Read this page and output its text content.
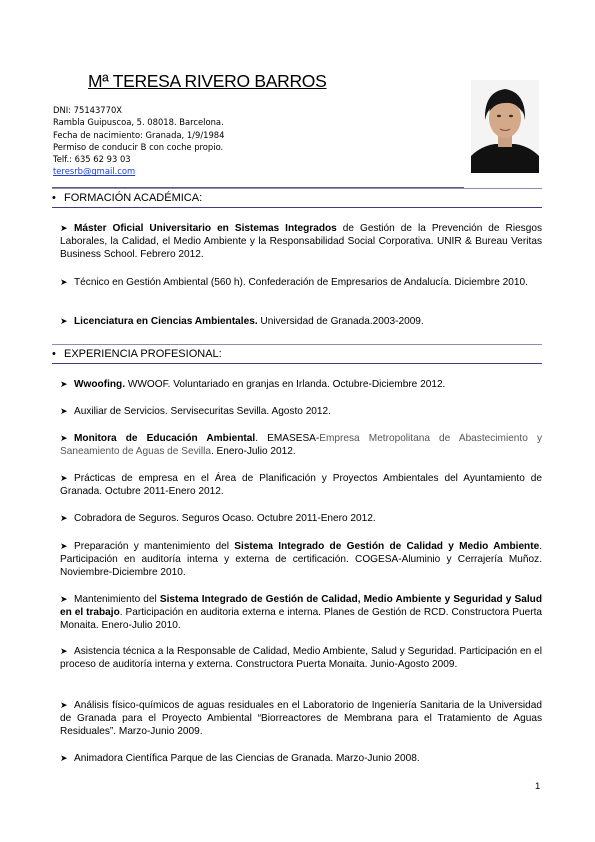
Mª TERESA RIVERO BARROS
DNI: 75143770X
Rambla Guipuscoa, 5. 08018. Barcelona.
Fecha de nacimiento: Granada, 1/9/1984
Permiso de conducir B con coche propio.
Telf.: 635 62 93 03
teresrb@gmail.com
• FORMACIÓN ACADÉMICA:
➤ Máster Oficial Universitario en Sistemas Integrados de Gestión de la Prevención de Riesgos Laborales, la Calidad, el Medio Ambiente y la Responsabilidad Social Corporativa. UNIR & Bureau Veritas Business School. Febrero 2012.
➤ Técnico en Gestión Ambiental (560 h). Confederación de Empresarios de Andalucía. Diciembre 2010.
➤ Licenciatura en Ciencias Ambientales. Universidad de Granada.2003-2009.
• EXPERIENCIA PROFESIONAL:
➤ Wwoofing. WWOOF. Voluntariado en granjas en Irlanda. Octubre-Diciembre 2012.
➤ Auxiliar de Servicios. Servisecuritas Sevilla. Agosto 2012.
➤ Monitora de Educación Ambiental. EMASESA-Empresa Metropolitana de Abastecimiento y Saneamiento de Aguas de Sevilla. Enero-Julio 2012.
➤ Prácticas de empresa en el Área de Planificación y Proyectos Ambientales del Ayuntamiento de Granada. Octubre 2011-Enero 2012.
➤ Cobradora de Seguros. Seguros Ocaso. Octubre 2011-Enero 2012.
➤ Preparación y mantenimiento del Sistema Integrado de Gestión de Calidad y Medio Ambiente. Participación en auditoría interna y externa de certificación. COGESA-Aluminio y Cerrajería Muñoz. Noviembre-Diciembre 2010.
➤ Mantenimiento del Sistema Integrado de Gestión de Calidad, Medio Ambiente y Seguridad y Salud en el trabajo. Participación en auditoria externa e interna. Planes de Gestión de RCD. Constructora Puerta Monaita. Enero-Julio 2010.
➤ Asistencia técnica a la Responsable de Calidad, Medio Ambiente, Salud y Seguridad. Participación en el proceso de auditoría interna y externa. Constructora Puerta Monaita. Junio-Agosto 2009.
➤ Análisis físico-químicos de aguas residuales en el Laboratorio de Ingeniería Sanitaria de la Universidad de Granada para el Proyecto Ambiental “Biorreactores de Membrana para el Tratamiento de Aguas Residuales”. Marzo-Junio 2009.
➤ Animadora Científica Parque de las Ciencias de Granada. Marzo-Junio 2008.
1
